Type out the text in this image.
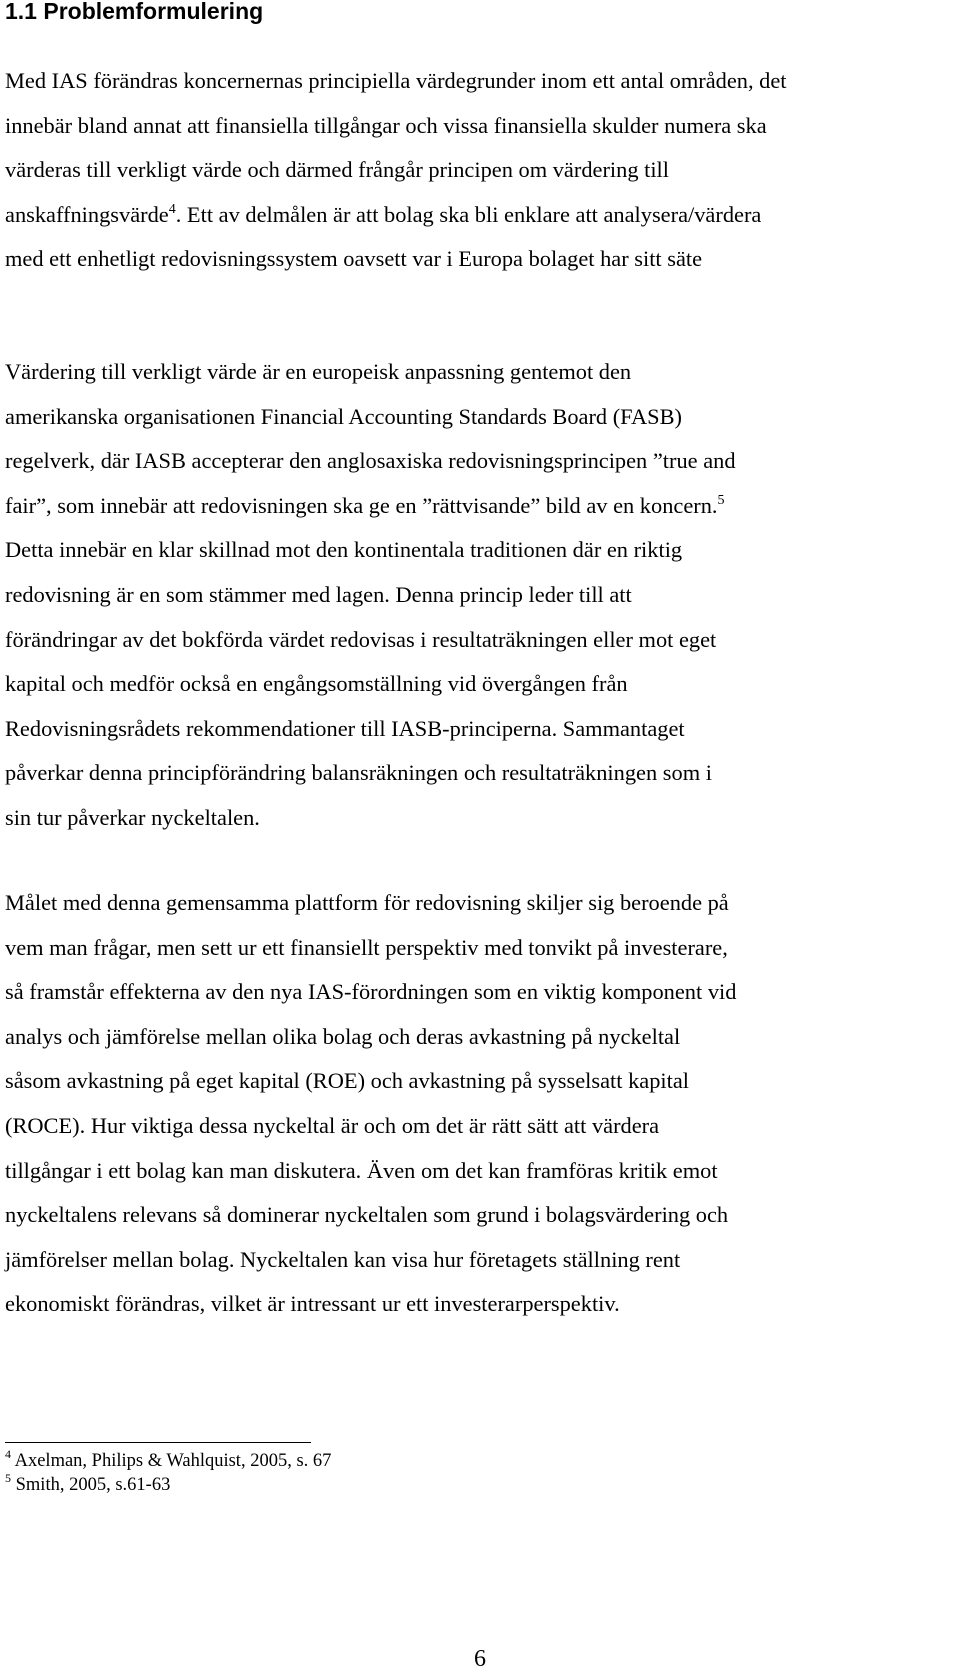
1.1 Problemformulering
Med IAS förändras koncernernas principiella värdegrunder inom ett antal områden, det
innebär bland annat att finansiella tillgångar och vissa finansiella skulder numera ska
värderas till verkligt värde och därmed frångår principen om värdering till
anskaffningsvärde$^4$. Ett av delmålen är att bolag ska bli enklare att analysera/värdera
med ett enhetligt redovisningssystem oavsett var i Europa bolaget har sitt säte
Värdering till verkligt värde är en europeisk anpassning gentemot den
amerikanska organisationen Financial Accounting Standards Board (FASB)
regelverk, där IASB accepterar den anglosaxiska redovisningsprincipen ”true and
fair”, som innebär att redovisningen ska ge en ”rättvisande” bild av en koncern.$^5$
Detta innebär en klar skillnad mot den kontinentala traditionen där en riktig
redovisning är en som stämmer med lagen. Denna princip leder till att
förändringar av det bokförda värdet redovisas i resultaträkningen eller mot eget
kapital och medför också en engångsomställning vid övergången från
Redovisningsrådets rekommendationer till IASB-principerna. Sammantaget
påverkar denna principförändring balansräkningen och resultaträkningen som i
sin tur påverkar nyckeltalen.
Målet med denna gemensamma plattform för redovisning skiljer sig beroende på
vem man frågar, men sett ur ett finansiellt perspektiv med tonvikt på investerare,
så framstår effekterna av den nya IAS-förordningen som en viktig komponent vid
analys och jämförelse mellan olika bolag och deras avkastning på nyckeltal
såsom avkastning på eget kapital (ROE) och avkastning på sysselsatt kapital
(ROCE). Hur viktiga dessa nyckeltal är och om det är rätt sätt att värdera
tillgångar i ett bolag kan man diskutera. Även om det kan framföras kritik emot
nyckeltalens relevans så dominerar nyckeltalen som grund i bolagsvärdering och
jämförelser mellan bolag. Nyckeltalen kan visa hur företagets ställning rent
ekonomiskt förändras, vilket är intressant ur ett investerarperspektiv.
$^4$ Axelman, Philips & Wahlquist, 2005, s. 67
$^5$ Smith, 2005, s.61-63
6
